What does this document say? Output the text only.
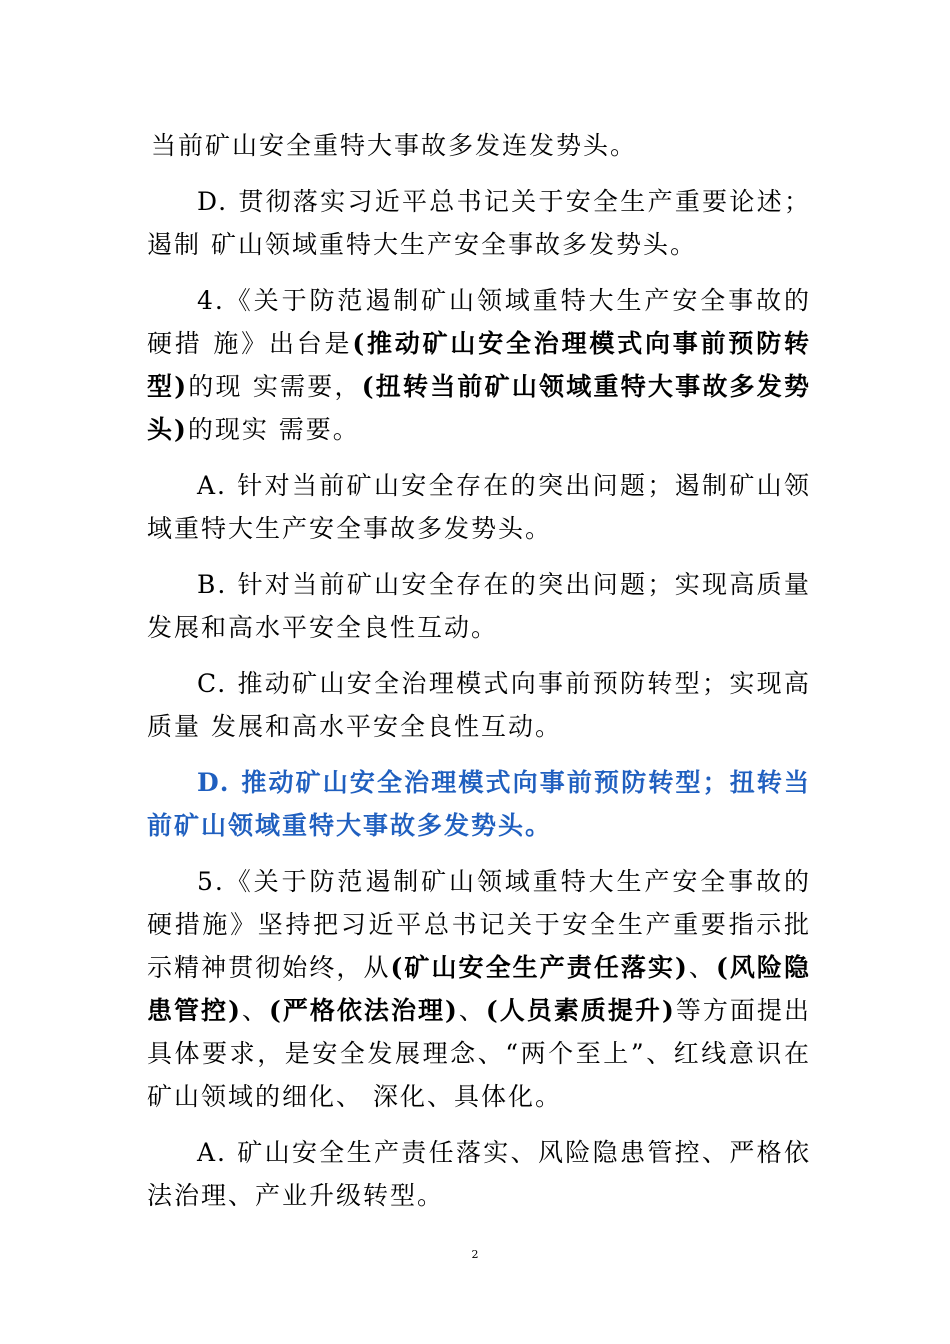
当前矿山安全重特大事故多发连发势头。

D. 贯彻落实习近平总书记关于安全生产重要论述；遏制 矿山领域重特大生产安全事故多发势头。

4.《关于防范遏制矿山领域重特大生产安全事故的硬措 施》出台是(推动矿山安全治理模式向事前预防转型)的现 实需要，(扭转当前矿山领域重特大事故多发势头)的现实 需要。

A. 针对当前矿山安全存在的突出问题；遏制矿山领域重特大生产安全事故多发势头。

B. 针对当前矿山安全存在的突出问题；实现高质量发展和高水平安全良性互动。

C. 推动矿山安全治理模式向事前预防转型；实现高质量 发展和高水平安全良性互动。

D. 推动矿山安全治理模式向事前预防转型；扭转当前矿山领域重特大事故多发势头。

5.《关于防范遏制矿山领域重特大生产安全事故的硬措施》坚持把习近平总书记关于安全生产重要指示批示精神贯彻始终，从(矿山安全生产责任落实)、(风险隐患管控)、(严格依法治理)、(人员素质提升)等方面提出具体要求，是安全发展理念、“两个至上”、红线意识在矿山领域的细化、 深化、具体化。

A. 矿山安全生产责任落实、风险隐患管控、严格依法治理、产业升级转型。

2
